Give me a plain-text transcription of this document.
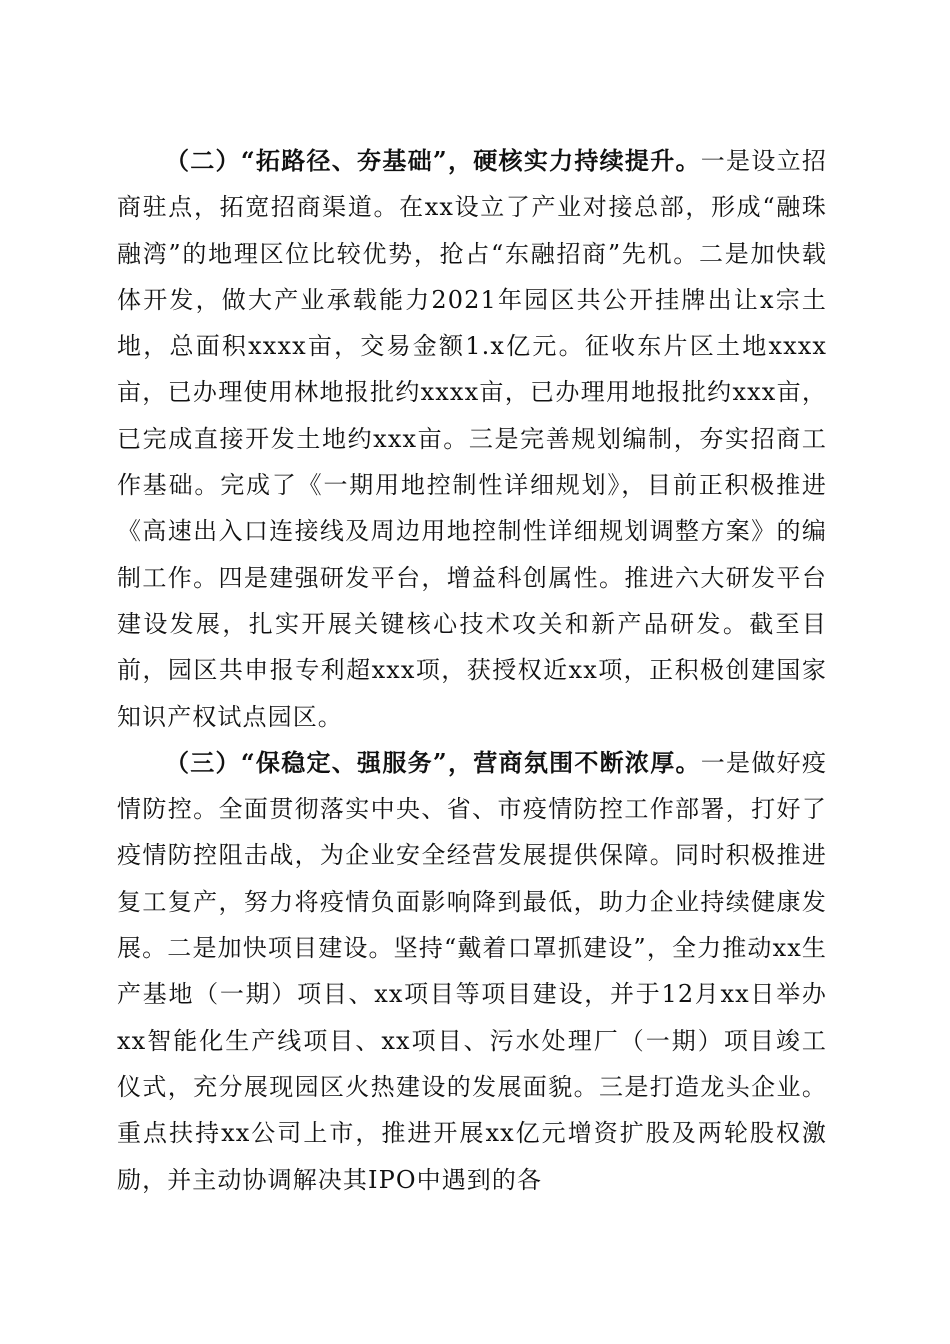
（二）“拓路径、夯基础”，硬核实力持续提升。一是设立招商驻点，拓宽招商渠道。在xx设立了产业对接总部，形成“融珠融湾”的地理区位比较优势，抢占“东融招商”先机。二是加快载体开发，做大产业承载能力2021年园区共公开挂牌出让x宗土地，总面积xxxx亩，交易金额1.x亿元。征收东片区土地xxxx亩，已办理使用林地报批约xxxx亩，已办理用地报批约xxx亩，已完成直接开发土地约xxx亩。三是完善规划编制，夯实招商工作基础。完成了《一期用地控制性详细规划》，目前正积极推进《高速出入口连接线及周边用地控制性详细规划调整方案》的编制工作。四是建强研发平台，增益科创属性。推进六大研发平台建设发展，扎实开展关键核心技术攻关和新产品研发。截至目前，园区共申报专利超xxx项，获授权近xx项，正积极创建国家知识产权试点园区。

（三）“保稳定、强服务”，营商氛围不断浓厚。一是做好疫情防控。全面贯彻落实中央、省、市疫情防控工作部署，打好了疫情防控阻击战，为企业安全经营发展提供保障。同时积极推进复工复产，努力将疫情负面影响降到最低，助力企业持续健康发展。二是加快项目建设。坚持“戴着口罩抓建设”，全力推动xx生产基地（一期）项目、xx项目等项目建设，并于12月xx日举办xx智能化生产线项目、xx项目、污水处理厂（一期）项目竣工仪式，充分展现园区火热建设的发展面貌。三是打造龙头企业。重点扶持xx公司上市，推进开展xx亿元增资扩股及两轮股权激励，并主动协调解决其IPO中遇到的各
